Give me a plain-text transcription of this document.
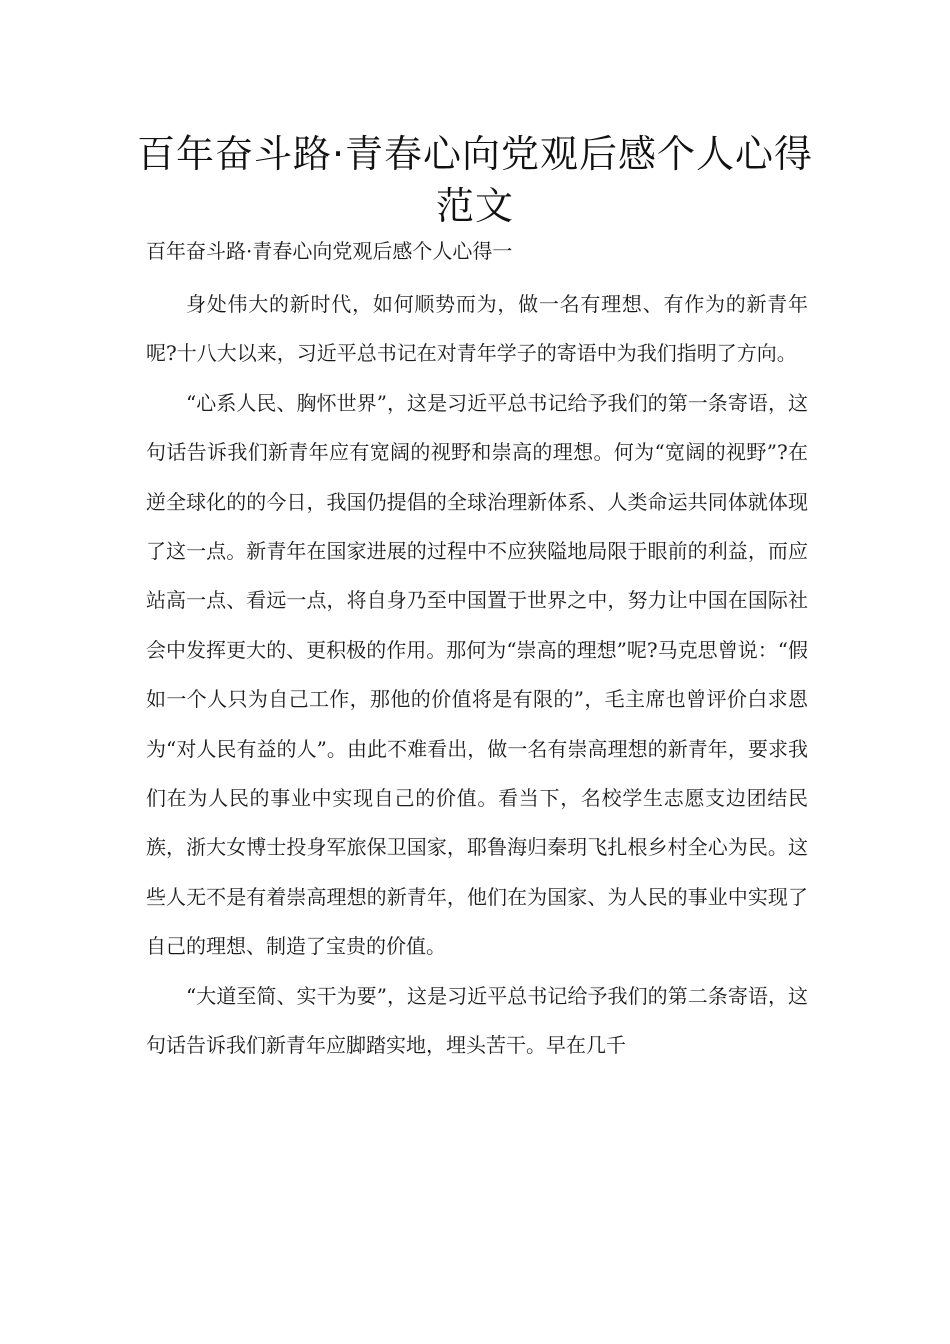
百年奋斗路·青春心向党观后感个人心得范文

百年奋斗路·青春心向党观后感个人心得一

身处伟大的新时代，如何顺势而为，做一名有理想、有作为的新青年呢?十八大以来，习近平总书记在对青年学子的寄语中为我们指明了方向。

“心系人民、胸怀世界”，这是习近平总书记给予我们的第一条寄语，这句话告诉我们新青年应有宽阔的视野和崇高的理想。何为“宽阔的视野”?在逆全球化的的今日，我国仍提倡的全球治理新体系、人类命运共同体就体现了这一点。新青年在国家进展的过程中不应狭隘地局限于眼前的利益，而应站高一点、看远一点，将自身乃至中国置于世界之中，努力让中国在国际社会中发挥更大的、更积极的作用。那何为“崇高的理想”呢?马克思曾说：“假如一个人只为自己工作，那他的价值将是有限的”，毛主席也曾评价白求恩为“对人民有益的人”。由此不难看出，做一名有崇高理想的新青年，要求我们在为人民的事业中实现自己的价值。看当下，名校学生志愿支边团结民族，浙大女博士投身军旅保卫国家，耶鲁海归秦玥飞扎根乡村全心为民。这些人无不是有着崇高理想的新青年，他们在为国家、为人民的事业中实现了自己的理想、制造了宝贵的价值。

“大道至简、实干为要”，这是习近平总书记给予我们的第二条寄语，这句话告诉我们新青年应脚踏实地，埋头苦干。早在几千
